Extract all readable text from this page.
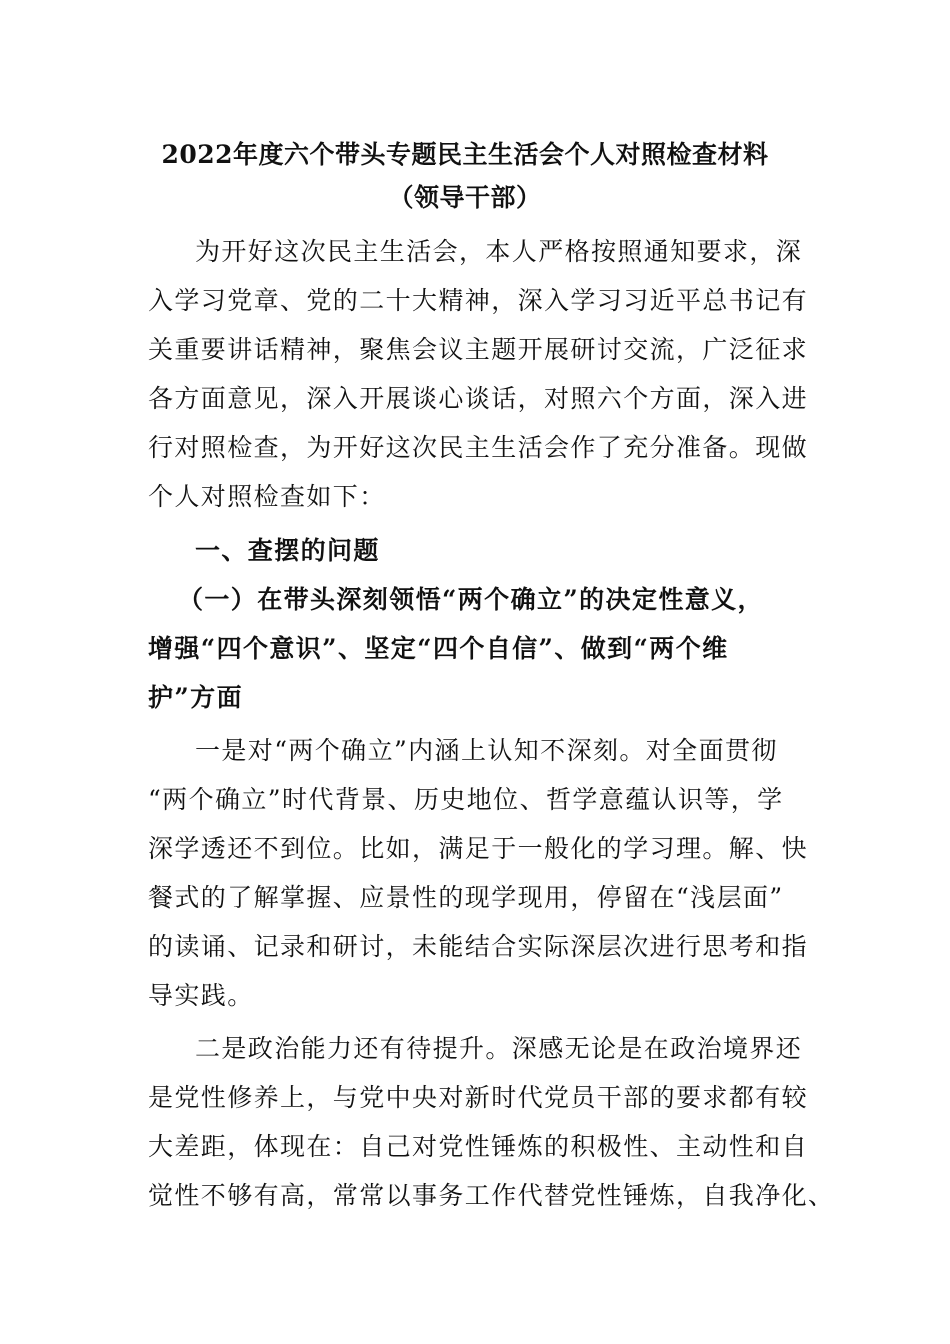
2022年度六个带头专题民主生活会个人对照检查材料
（领导干部）

为开好这次民主生活会，本人严格按照通知要求，深

入学习党章、党的二十大精神，深入学习习近平总书记有

关重要讲话精神，聚焦会议主题开展研讨交流，广泛征求

各方面意见，深入开展谈心谈话，对照六个方面，深入进

行对照检查，为开好这次民主生活会作了充分准备。现做

个人对照检查如下：

一、查摆的问题

（一）在带头深刻领悟“两个确立”的决定性意义，

增强“四个意识”、坚定“四个自信”、做到“两个维

护”方面

一是对“两个确立”内涵上认知不深刻。对全面贯彻

“两个确立”时代背景、历史地位、哲学意蕴认识等，学

深学透还不到位。比如，满足于一般化的学习理。解、快

餐式的了解掌握、应景性的现学现用，停留在“浅层面”

的读诵、记录和研讨，未能结合实际深层次进行思考和指

导实践。

二是政治能力还有待提升。深感无论是在政治境界还

是党性修养上，与党中央对新时代党员干部的要求都有较

大差距，体现在：自己对党性锤炼的积极性、主动性和自

觉性不够有高，常常以事务工作代替党性锤炼，自我净化、
